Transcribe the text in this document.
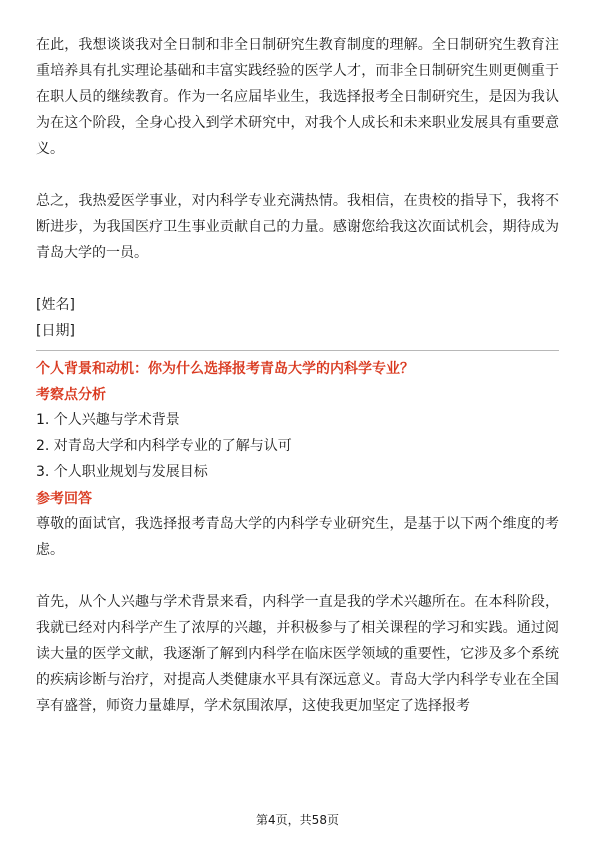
在此，我想谈谈我对全日制和非全日制研究生教育制度的理解。全日制研究生教育注重培养具有扎实理论基础和丰富实践经验的医学人才，而非全日制研究生则更侧重于在职人员的继续教育。作为一名应届毕业生，我选择报考全日制研究生，是因为我认为在这个阶段，全身心投入到学术研究中，对我个人成长和未来职业发展具有重要意义。

总之，我热爱医学事业，对内科学专业充满热情。我相信，在贵校的指导下，我将不断进步，为我国医疗卫生事业贡献自己的力量。感谢您给我这次面试机会，期待成为青岛大学的一员。

[姓名]

[日期]

个人背景和动机：你为什么选择报考青岛大学的内科学专业？

考察点分析

1. 个人兴趣与学术背景
2. 对青岛大学和内科学专业的了解与认可
3. 个人职业规划与发展目标

参考回答

尊敬的面试官，我选择报考青岛大学的内科学专业研究生，是基于以下两个维度的考虑。

首先，从个人兴趣与学术背景来看，内科学一直是我的学术兴趣所在。在本科阶段，我就已经对内科学产生了浓厚的兴趣，并积极参与了相关课程的学习和实践。通过阅读大量的医学文献，我逐渐了解到内科学在临床医学领域的重要性，它涉及多个系统的疾病诊断与治疗，对提高人类健康水平具有深远意义。青岛大学内科学专业在全国享有盛誉，师资力量雄厚，学术氛围浓厚，这使我更加坚定了选择报考

第4页，共58页
